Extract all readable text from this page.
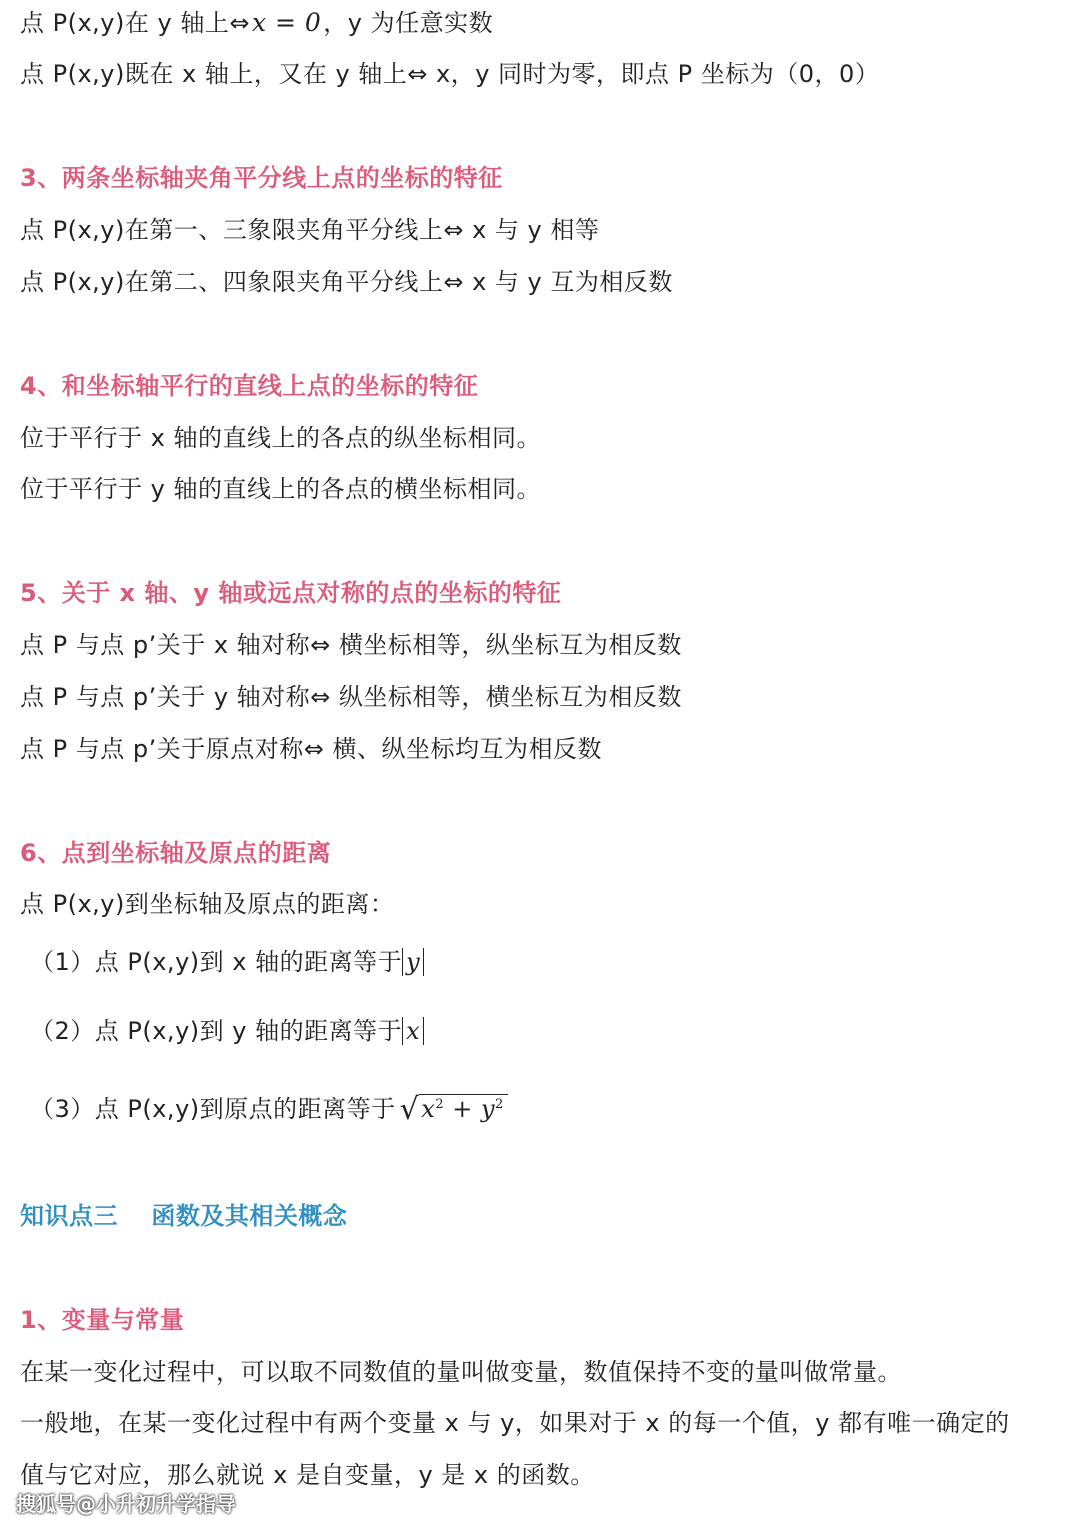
点 P(x,y)在 y 轴上⇔x = 0，y 为任意实数
点 P(x,y)既在 x 轴上，又在 y 轴上⇔ x，y 同时为零，即点 P 坐标为（0，0）
3、两条坐标轴夹角平分线上点的坐标的特征
点 P(x,y)在第一、三象限夹角平分线上⇔ x 与 y 相等
点 P(x,y)在第二、四象限夹角平分线上⇔ x 与 y 互为相反数
4、和坐标轴平行的直线上点的坐标的特征
位于平行于 x 轴的直线上的各点的纵坐标相同。
位于平行于 y 轴的直线上的各点的横坐标相同。
5、关于 x 轴、y 轴或远点对称的点的坐标的特征
点 P 与点 p’关于 x 轴对称⇔ 横坐标相等，纵坐标互为相反数
点 P 与点 p’关于 y 轴对称⇔ 纵坐标相等，横坐标互为相反数
点 P 与点 p’关于原点对称⇔ 横、纵坐标均互为相反数
6、点到坐标轴及原点的距离
点 P(x,y)到坐标轴及原点的距离：
（1）点 P(x,y)到 x 轴的距离等于 y
（2）点 P(x,y)到 y 轴的距离等于 x
（3）点 P(x,y)到原点的距离等于 $√x^2 + y^2$
知识点三　 函数及其相关概念
1、变量与常量
在某一变化过程中，可以取不同数值的量叫做变量，数值保持不变的量叫做常量。
一般地，在某一变化过程中有两个变量 x 与 y，如果对于 x 的每一个值，y 都有唯一确定的
值与它对应，那么就说 x 是自变量，y 是 x 的函数。
搜狐号@小升初升学指导
